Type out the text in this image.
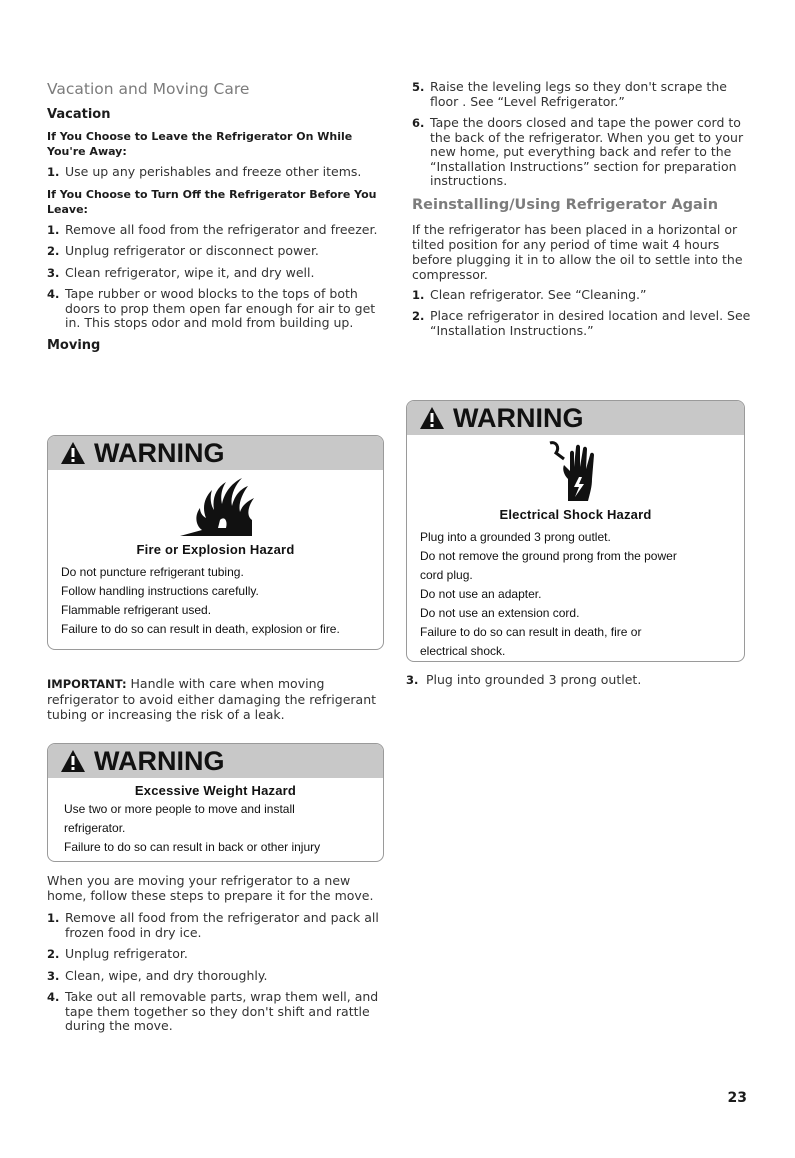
Vacation and Moving Care
Vacation
If You Choose to Leave the Refrigerator On While You're Away:
1. Use up any perishables and freeze other items.
If You Choose to Turn Off the Refrigerator Before You Leave:
1. Remove all food from the refrigerator and freezer.
2. Unplug refrigerator or disconnect power.
3. Clean refrigerator, wipe it, and dry well.
4. Tape rubber or wood blocks to the tops of both doors to prop them open far enough for air to get in. This stops odor and mold from building up.
Moving
WARNING
Fire or Explosion Hazard
Do not puncture refrigerant tubing.
Follow handling instructions carefully.
Flammable refrigerant used.
Failure to do so can result in death, explosion or fire.
IMPORTANT: Handle with care when moving refrigerator to avoid either damaging the refrigerant tubing or increasing the risk of a leak.
WARNING
Excessive Weight Hazard
Use two or more people to move and install
refrigerator.
Failure to do so can result in back or other injury

When you are moving your refrigerator to a new home, follow these steps to prepare it for the move.

1. Remove all food from the refrigerator and pack all frozen food in dry ice.
2. Unplug refrigerator.
3. Clean, wipe, and dry thoroughly.
4. Take out all removable parts, wrap them well, and tape them together so they don't shift and rattle during the move.
5. Raise the leveling legs so they don't scrape the floor . See “Level Refrigerator.”
6. Tape the doors closed and tape the power cord to the back of the refrigerator. When you get to your new home, put everything back and refer to the “Installation Instructions” section for preparation instructions.
Reinstalling/Using Refrigerator Again

If the refrigerator has been placed in a horizontal or tilted position for any period of time wait 4 hours before plugging it in to allow the oil to settle into the compressor.

1. Clean refrigerator. See “Cleaning.”
2. Place refrigerator in desired location and level. See “Installation Instructions.”
WARNING
Electrical Shock Hazard
Plug into a grounded 3 prong outlet.
Do not remove the ground prong from the power
cord plug.
Do not use an adapter.
Do not use an extension cord.
Failure to do so can result in death, fire or
electrical shock.
3. Plug into grounded 3 prong outlet.
23
